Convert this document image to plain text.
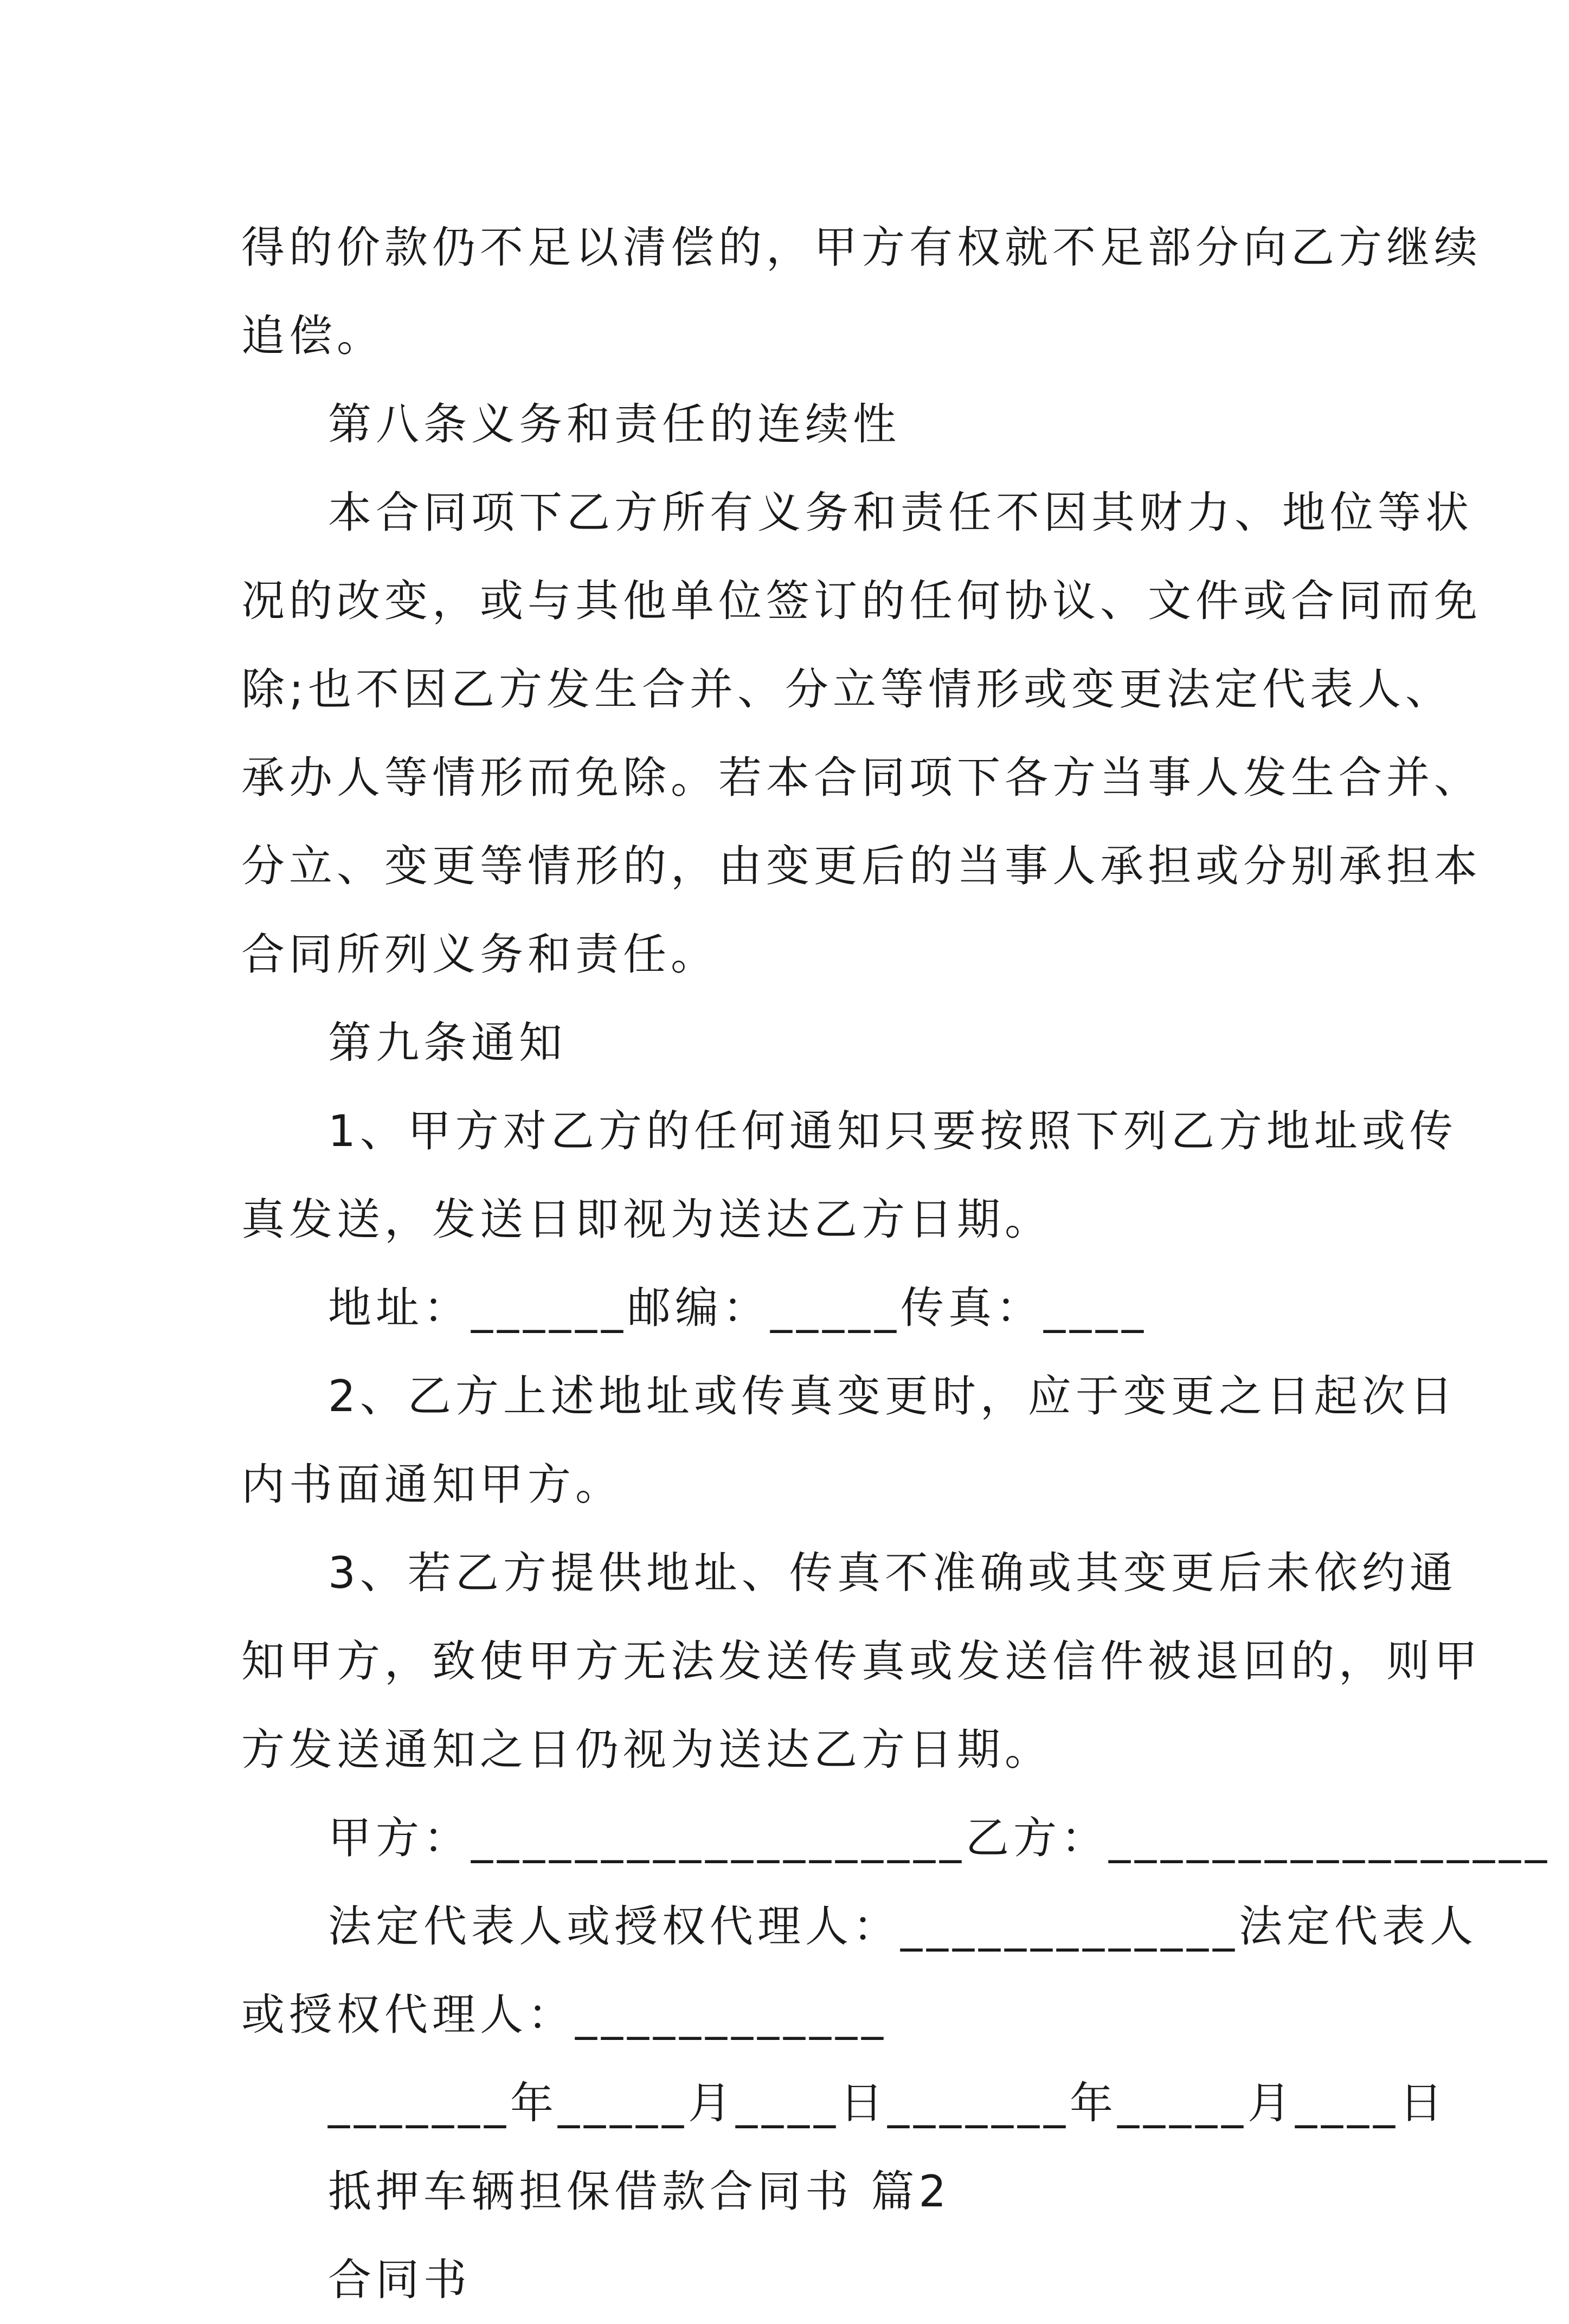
得的价款仍不足以清偿的，甲方有权就不足部分向乙方继续
追偿。
第八条义务和责任的连续性
本合同项下乙方所有义务和责任不因其财力、地位等状
况的改变，或与其他单位签订的任何协议、文件或合同而免
除;也不因乙方发生合并、分立等情形或变更法定代表人、
承办人等情形而免除。若本合同项下各方当事人发生合并、
分立、变更等情形的，由变更后的当事人承担或分别承担本
合同所列义务和责任。
第九条通知
1、甲方对乙方的任何通知只要按照下列乙方地址或传
真发送，发送日即视为送达乙方日期。
地址：______邮编：_____传真：____
2、乙方上述地址或传真变更时，应于变更之日起次日
内书面通知甲方。
3、若乙方提供地址、传真不准确或其变更后未依约通
知甲方，致使甲方无法发送传真或发送信件被退回的，则甲
方发送通知之日仍视为送达乙方日期。
甲方：___________________乙方：_________________
法定代表人或授权代理人：_____________法定代表人
或授权代理人：____________
_______年_____月____日_______年_____月____日
抵押车辆担保借款合同书 篇2
合同书
